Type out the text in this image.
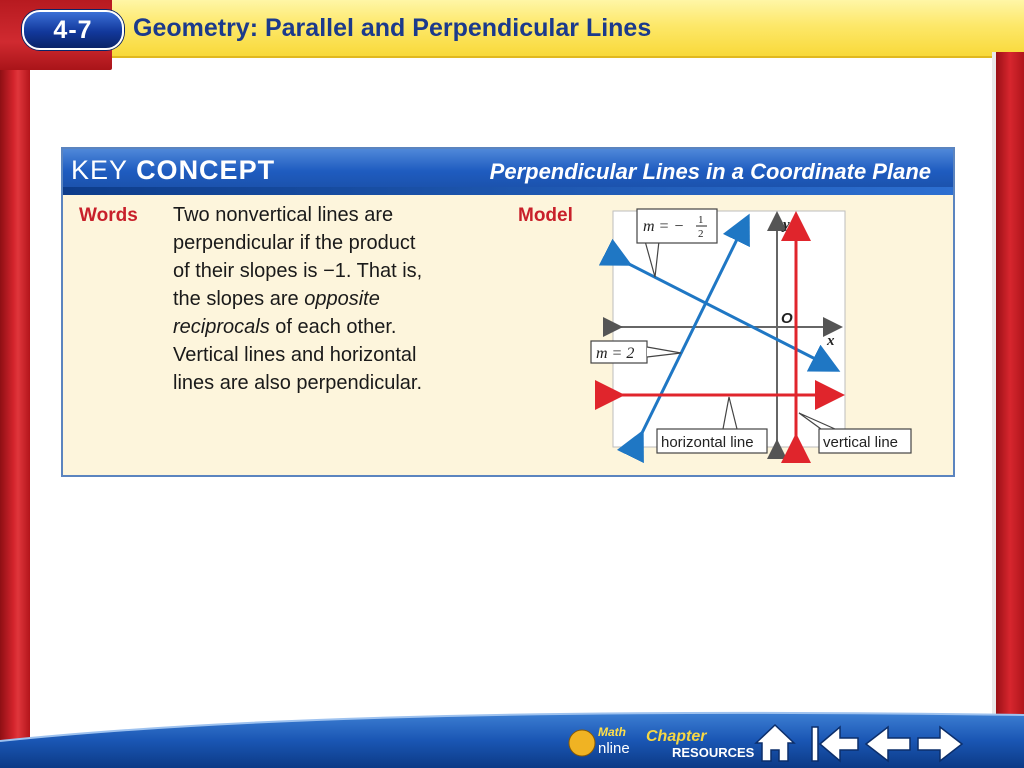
4-7 Geometry: Parallel and Perpendicular Lines
KEY CONCEPT	Perpendicular Lines in a Coordinate Plane
Words Two nonvertical lines are
perpendicular if the product
of their slopes is −1. That is,
the slopes are opposite
reciprocals of each other.
Vertical lines and horizontal
lines are also perpendicular.
Model	y
x
O
m = − 1
2
m = 2
horizontal line	vertical line
Math
nline
Chapter
RESOURCES
